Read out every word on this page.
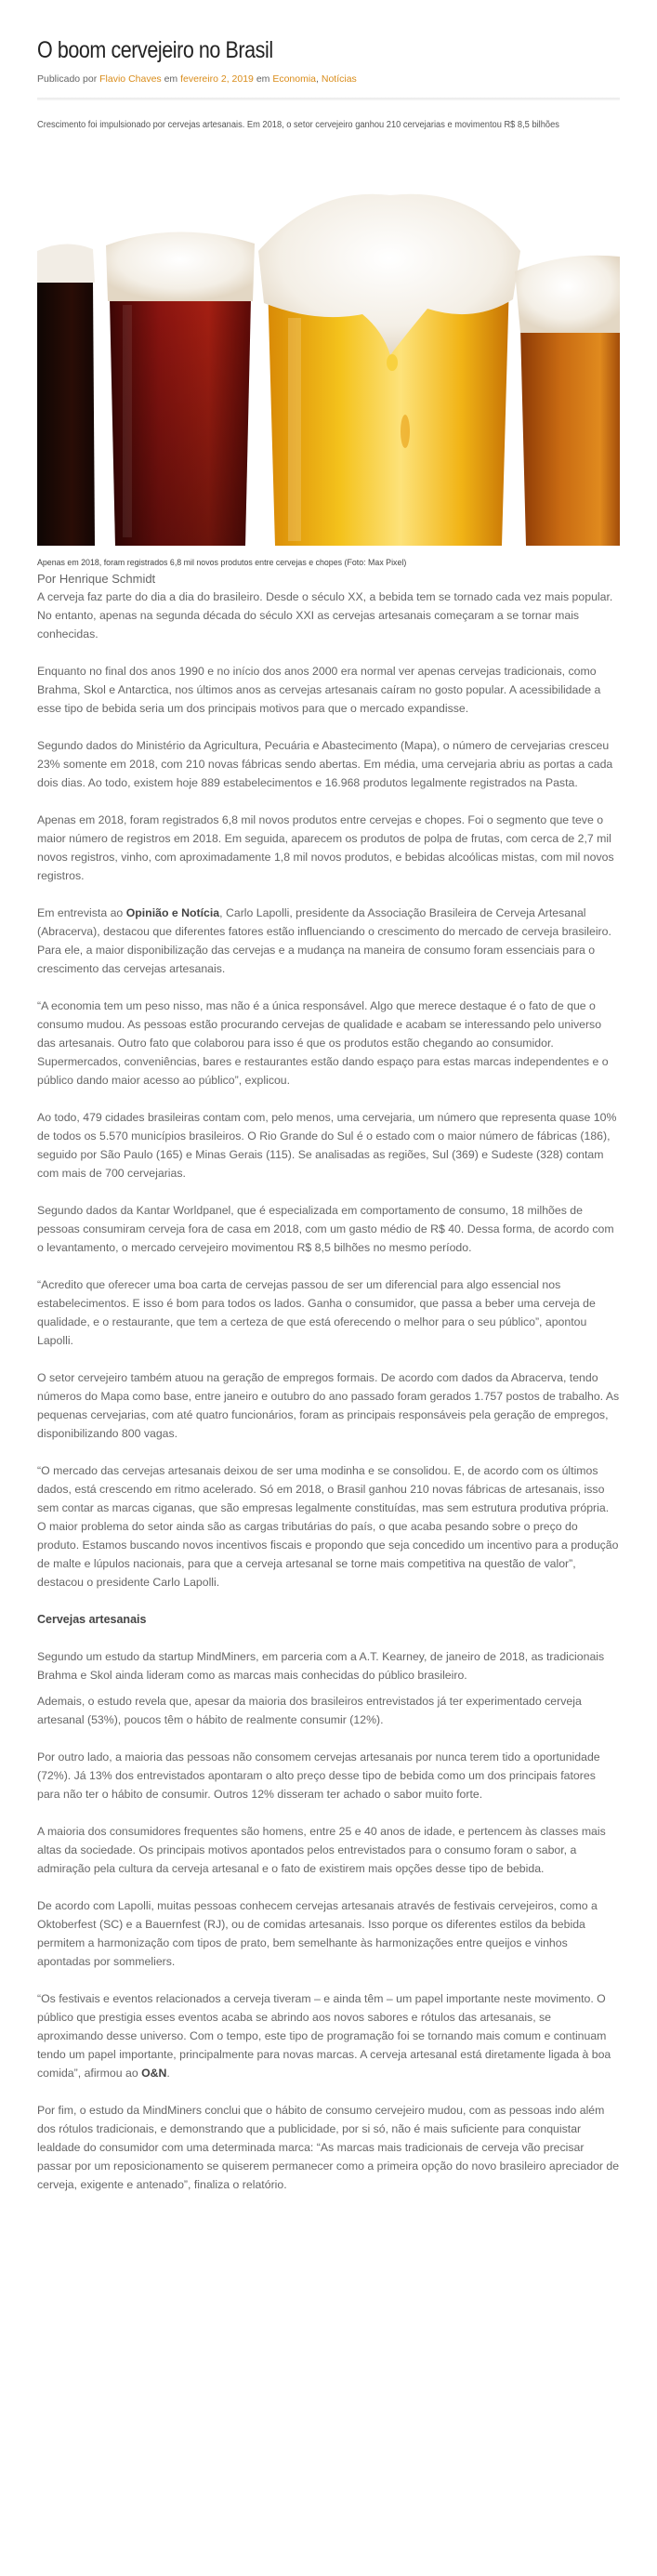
O boom cervejeiro no Brasil
Publicado por Flavio Chaves em fevereiro 2, 2019 em Economia, Notícias
Crescimento foi impulsionado por cervejas artesanais. Em 2018, o setor cervejeiro ganhou 210 cervejarias e movimentou R$ 8,5 bilhões
Apenas em 2018, foram registrados 6,8 mil novos produtos entre cervejas e chopes (Foto: Max Pixel)
Por Henrique Schmidt

A cerveja faz parte do dia a dia do brasileiro. Desde o século XX, a bebida tem se tornado cada vez mais popular. No entanto, apenas na segunda década do século XXI as cervejas artesanais começaram a se tornar mais conhecidas.

Enquanto no final dos anos 1990 e no início dos anos 2000 era normal ver apenas cervejas tradicionais, como Brahma, Skol e Antarctica, nos últimos anos as cervejas artesanais caíram no gosto popular. A acessibilidade a esse tipo de bebida seria um dos principais motivos para que o mercado expandisse.

Segundo dados do Ministério da Agricultura, Pecuária e Abastecimento (Mapa), o número de cervejarias cresceu 23% somente em 2018, com 210 novas fábricas sendo abertas. Em média, uma cervejaria abriu as portas a cada dois dias. Ao todo, existem hoje 889 estabelecimentos e 16.968 produtos legalmente registrados na Pasta.

Apenas em 2018, foram registrados 6,8 mil novos produtos entre cervejas e chopes. Foi o segmento que teve o maior número de registros em 2018. Em seguida, aparecem os produtos de polpa de frutas, com cerca de 2,7 mil novos registros, vinho, com aproximadamente 1,8 mil novos produtos, e bebidas alcoólicas mistas, com mil novos registros.

Em entrevista ao Opinião e Notícia, Carlo Lapolli, presidente da Associação Brasileira de Cerveja Artesanal (Abracerva), destacou que diferentes fatores estão influenciando o crescimento do mercado de cerveja brasileiro. Para ele, a maior disponibilização das cervejas e a mudança na maneira de consumo foram essenciais para o crescimento das cervejas artesanais.

“A economia tem um peso nisso, mas não é a única responsável. Algo que merece destaque é o fato de que o consumo mudou. As pessoas estão procurando cervejas de qualidade e acabam se interessando pelo universo das artesanais. Outro fato que colaborou para isso é que os produtos estão chegando ao consumidor. Supermercados, conveniências, bares e restaurantes estão dando espaço para estas marcas independentes e o público dando maior acesso ao público”, explicou.

Ao todo, 479 cidades brasileiras contam com, pelo menos, uma cervejaria, um número que representa quase 10% de todos os 5.570 municípios brasileiros. O Rio Grande do Sul é o estado com o maior número de fábricas (186), seguido por São Paulo (165) e Minas Gerais (115). Se analisadas as regiões, Sul (369) e Sudeste (328) contam com mais de 700 cervejarias.

Segundo dados da Kantar Worldpanel, que é especializada em comportamento de consumo, 18 milhões de pessoas consumiram cerveja fora de casa em 2018, com um gasto médio de R$ 40. Dessa forma, de acordo com o levantamento, o mercado cervejeiro movimentou R$ 8,5 bilhões no mesmo período.

“Acredito que oferecer uma boa carta de cervejas passou de ser um diferencial para algo essencial nos estabelecimentos. E isso é bom para todos os lados. Ganha o consumidor, que passa a beber uma cerveja de qualidade, e o restaurante, que tem a certeza de que está oferecendo o melhor para o seu público”, apontou Lapolli.

O setor cervejeiro também atuou na geração de empregos formais. De acordo com dados da Abracerva, tendo números do Mapa como base, entre janeiro e outubro do ano passado foram gerados 1.757 postos de trabalho. As pequenas cervejarias, com até quatro funcionários, foram as principais responsáveis pela geração de empregos, disponibilizando 800 vagas.

“O mercado das cervejas artesanais deixou de ser uma modinha e se consolidou. E, de acordo com os últimos dados, está crescendo em ritmo acelerado. Só em 2018, o Brasil ganhou 210 novas fábricas de artesanais, isso sem contar as marcas ciganas, que são empresas legalmente constituídas, mas sem estrutura produtiva própria. O maior problema do setor ainda são as cargas tributárias do país, o que acaba pesando sobre o preço do produto. Estamos buscando novos incentivos fiscais e propondo que seja concedido um incentivo para a produção de malte e lúpulos nacionais, para que a cerveja artesanal se torne mais competitiva na questão de valor”, destacou o presidente Carlo Lapolli.

Cervejas artesanais

Segundo um estudo da startup MindMiners, em parceria com a A.T. Kearney, de janeiro de 2018, as tradicionais Brahma e Skol ainda lideram como as marcas mais conhecidas do público brasileiro.

Ademais, o estudo revela que, apesar da maioria dos brasileiros entrevistados já ter experimentado cerveja artesanal (53%), poucos têm o hábito de realmente consumir (12%).

Por outro lado, a maioria das pessoas não consomem cervejas artesanais por nunca terem tido a oportunidade (72%). Já 13% dos entrevistados apontaram o alto preço desse tipo de bebida como um dos principais fatores para não ter o hábito de consumir. Outros 12% disseram ter achado o sabor muito forte.

A maioria dos consumidores frequentes são homens, entre 25 e 40 anos de idade, e pertencem às classes mais altas da sociedade. Os principais motivos apontados pelos entrevistados para o consumo foram o sabor, a admiração pela cultura da cerveja artesanal e o fato de existirem mais opções desse tipo de bebida.

De acordo com Lapolli, muitas pessoas conhecem cervejas artesanais através de festivais cervejeiros, como a Oktoberfest (SC) e a Bauernfest (RJ), ou de comidas artesanais. Isso porque os diferentes estilos da bebida permitem a harmonização com tipos de prato, bem semelhante às harmonizações entre queijos e vinhos apontadas por sommeliers.

“Os festivais e eventos relacionados a cerveja tiveram – e ainda têm – um papel importante neste movimento. O público que prestigia esses eventos acaba se abrindo aos novos sabores e rótulos das artesanais, se aproximando desse universo. Com o tempo, este tipo de programação foi se tornando mais comum e continuam tendo um papel importante, principalmente para novas marcas. A cerveja artesanal está diretamente ligada à boa comida”, afirmou ao O&N.

Por fim, o estudo da MindMiners conclui que o hábito de consumo cervejeiro mudou, com as pessoas indo além dos rótulos tradicionais, e demonstrando que a publicidade, por si só, não é mais suficiente para conquistar lealdade do consumidor com uma determinada marca: “As marcas mais tradicionais de cerveja vão precisar passar por um reposicionamento se quiserem permanecer como a primeira opção do novo brasileiro apreciador de cerveja, exigente e antenado”, finaliza o relatório.
